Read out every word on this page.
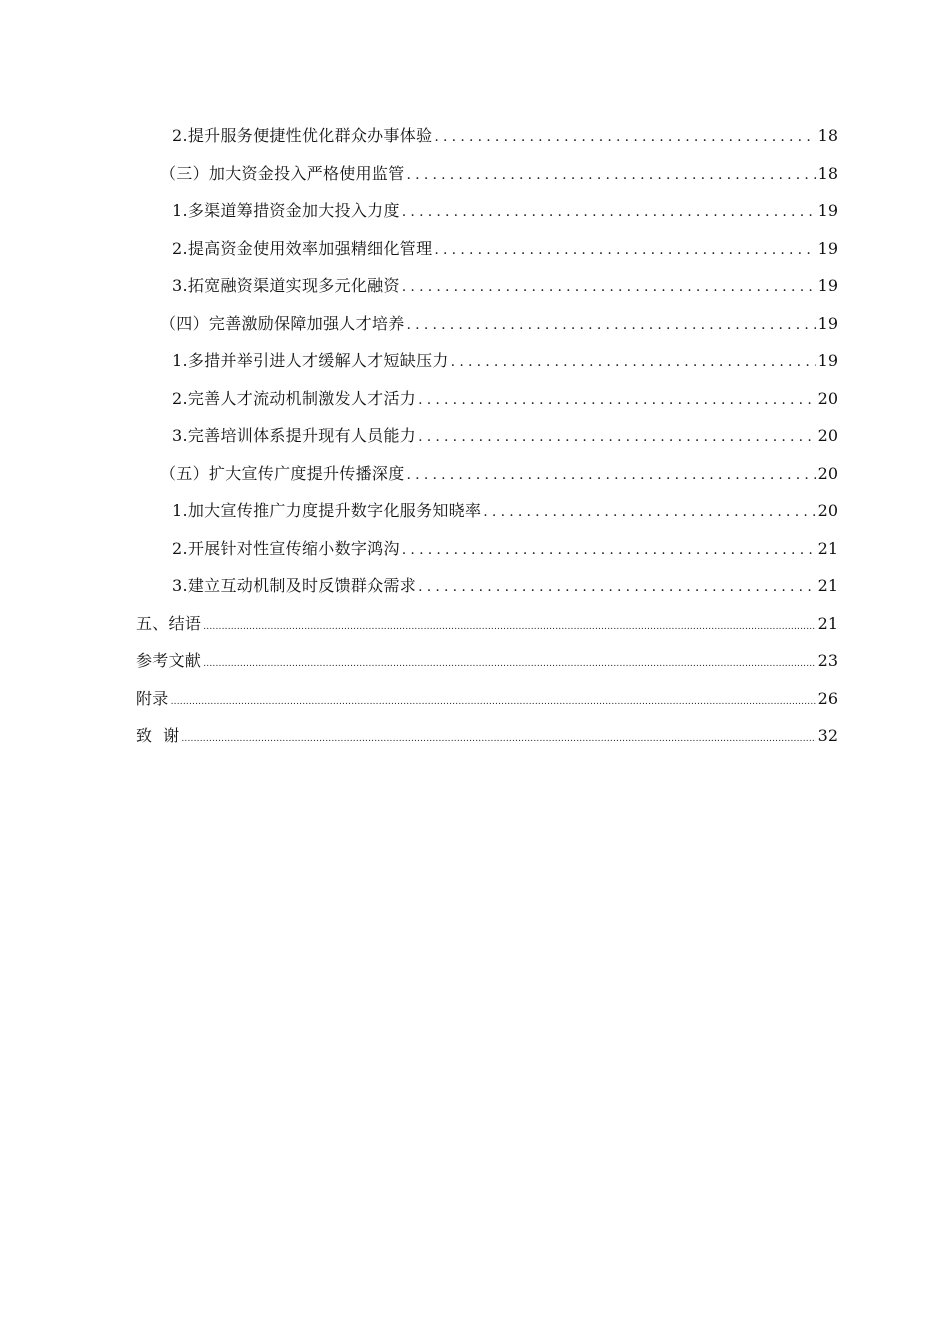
2.提升服务便捷性优化群众办事体验 .....	18
（三）加大资金投入严格使用监管 .....	18
1.多渠道筹措资金加大投入力度 .....	19
2.提高资金使用效率加强精细化管理 .....	19
3.拓宽融资渠道实现多元化融资 .....	19
（四）完善激励保障加强人才培养 .....	19
1.多措并举引进人才缓解人才短缺压力 .....	19
2.完善人才流动机制激发人才活力 .....	20
3.完善培训体系提升现有人员能力 .....	20
（五）扩大宣传广度提升传播深度 .....	20
1.加大宣传推广力度提升数字化服务知晓率 .....	20
2.开展针对性宣传缩小数字鸿沟 .....	21
3.建立互动机制及时反馈群众需求 .....	21
五、结语 .....	21
参考文献 .....	23
附录 .....	26
致  谢 .....	32
